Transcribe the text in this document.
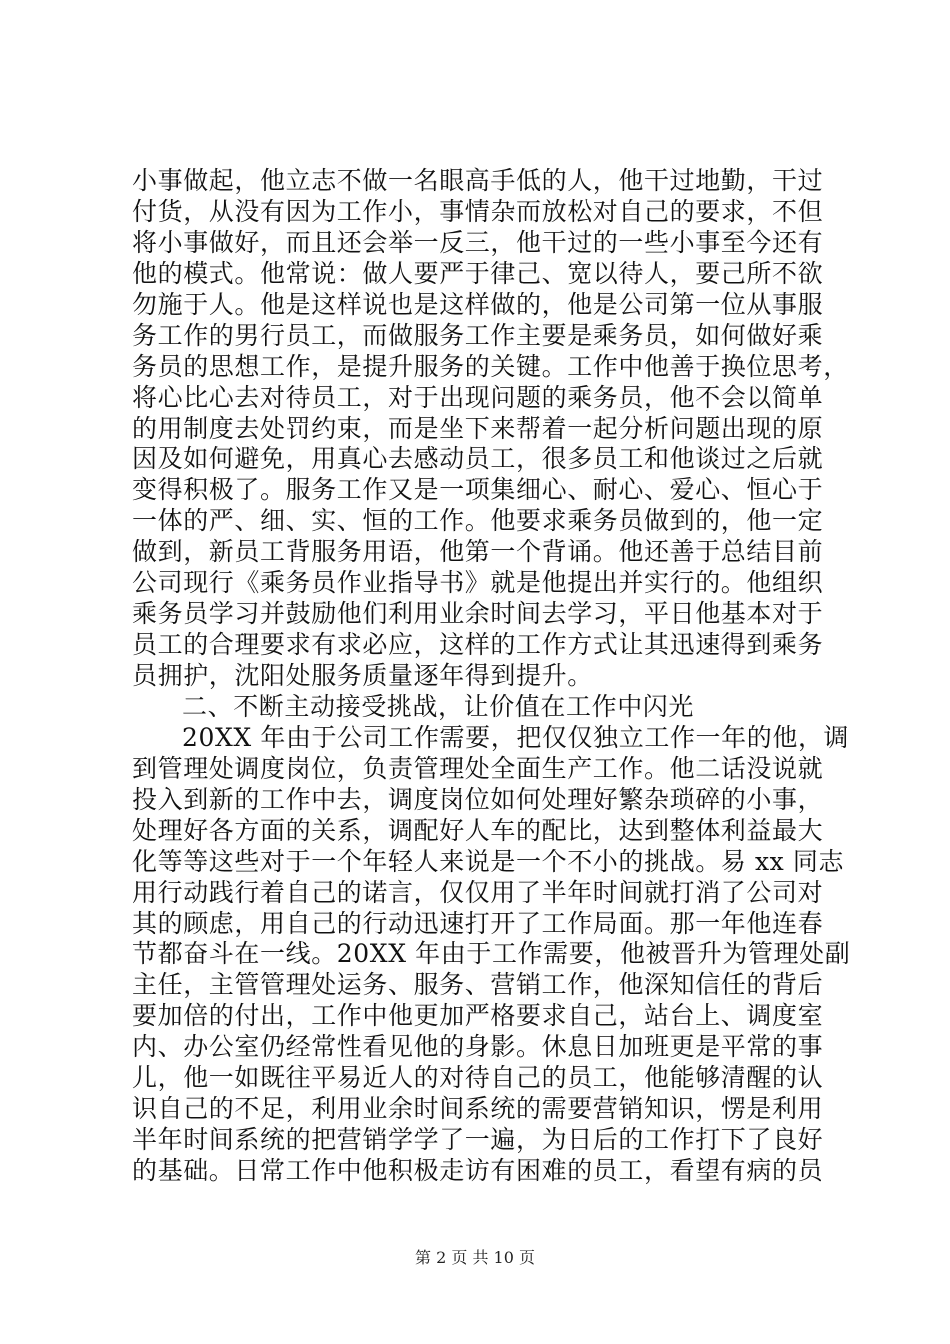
小事做起，他立志不做一名眼高手低的人，他干过地勤，干过
付货，从没有因为工作小，事情杂而放松对自己的要求，不但
将小事做好，而且还会举一反三，他干过的一些小事至今还有
他的模式。他常说：做人要严于律己、宽以待人，要己所不欲
勿施于人。他是这样说也是这样做的，他是公司第一位从事服
务工作的男行员工，而做服务工作主要是乘务员，如何做好乘
务员的思想工作，是提升服务的关键。工作中他善于换位思考，
将心比心去对待员工，对于出现问题的乘务员，他不会以简单
的用制度去处罚约束，而是坐下来帮着一起分析问题出现的原
因及如何避免，用真心去感动员工，很多员工和他谈过之后就
变得积极了。服务工作又是一项集细心、耐心、爱心、恒心于
一体的严、细、实、恒的工作。他要求乘务员做到的，他一定
做到，新员工背服务用语，他第一个背诵。他还善于总结目前
公司现行《乘务员作业指导书》就是他提出并实行的。他组织
乘务员学习并鼓励他们利用业余时间去学习，平日他基本对于
员工的合理要求有求必应，这样的工作方式让其迅速得到乘务
员拥护，沈阳处服务质量逐年得到提升。
二、不断主动接受挑战，让价值在工作中闪光
20XX 年由于公司工作需要，把仅仅独立工作一年的他，调
到管理处调度岗位，负责管理处全面生产工作。他二话没说就
投入到新的工作中去，调度岗位如何处理好繁杂琐碎的小事，
处理好各方面的关系，调配好人车的配比，达到整体利益最大
化等等这些对于一个年轻人来说是一个不小的挑战。易 xx 同志
用行动践行着自己的诺言，仅仅用了半年时间就打消了公司对
其的顾虑，用自己的行动迅速打开了工作局面。那一年他连春
节都奋斗在一线。20XX 年由于工作需要，他被晋升为管理处副
主任，主管管理处运务、服务、营销工作，他深知信任的背后
要加倍的付出，工作中他更加严格要求自己，站台上、调度室
内、办公室仍经常性看见他的身影。休息日加班更是平常的事
儿，他一如既往平易近人的对待自己的员工，他能够清醒的认
识自己的不足，利用业余时间系统的需要营销知识，愣是利用
第 2 页 共 10 页
半年时间系统的把营销学学了一遍，为日后的工作打下了良好
的基础。日常工作中他积极走访有困难的员工，看望有病的员
